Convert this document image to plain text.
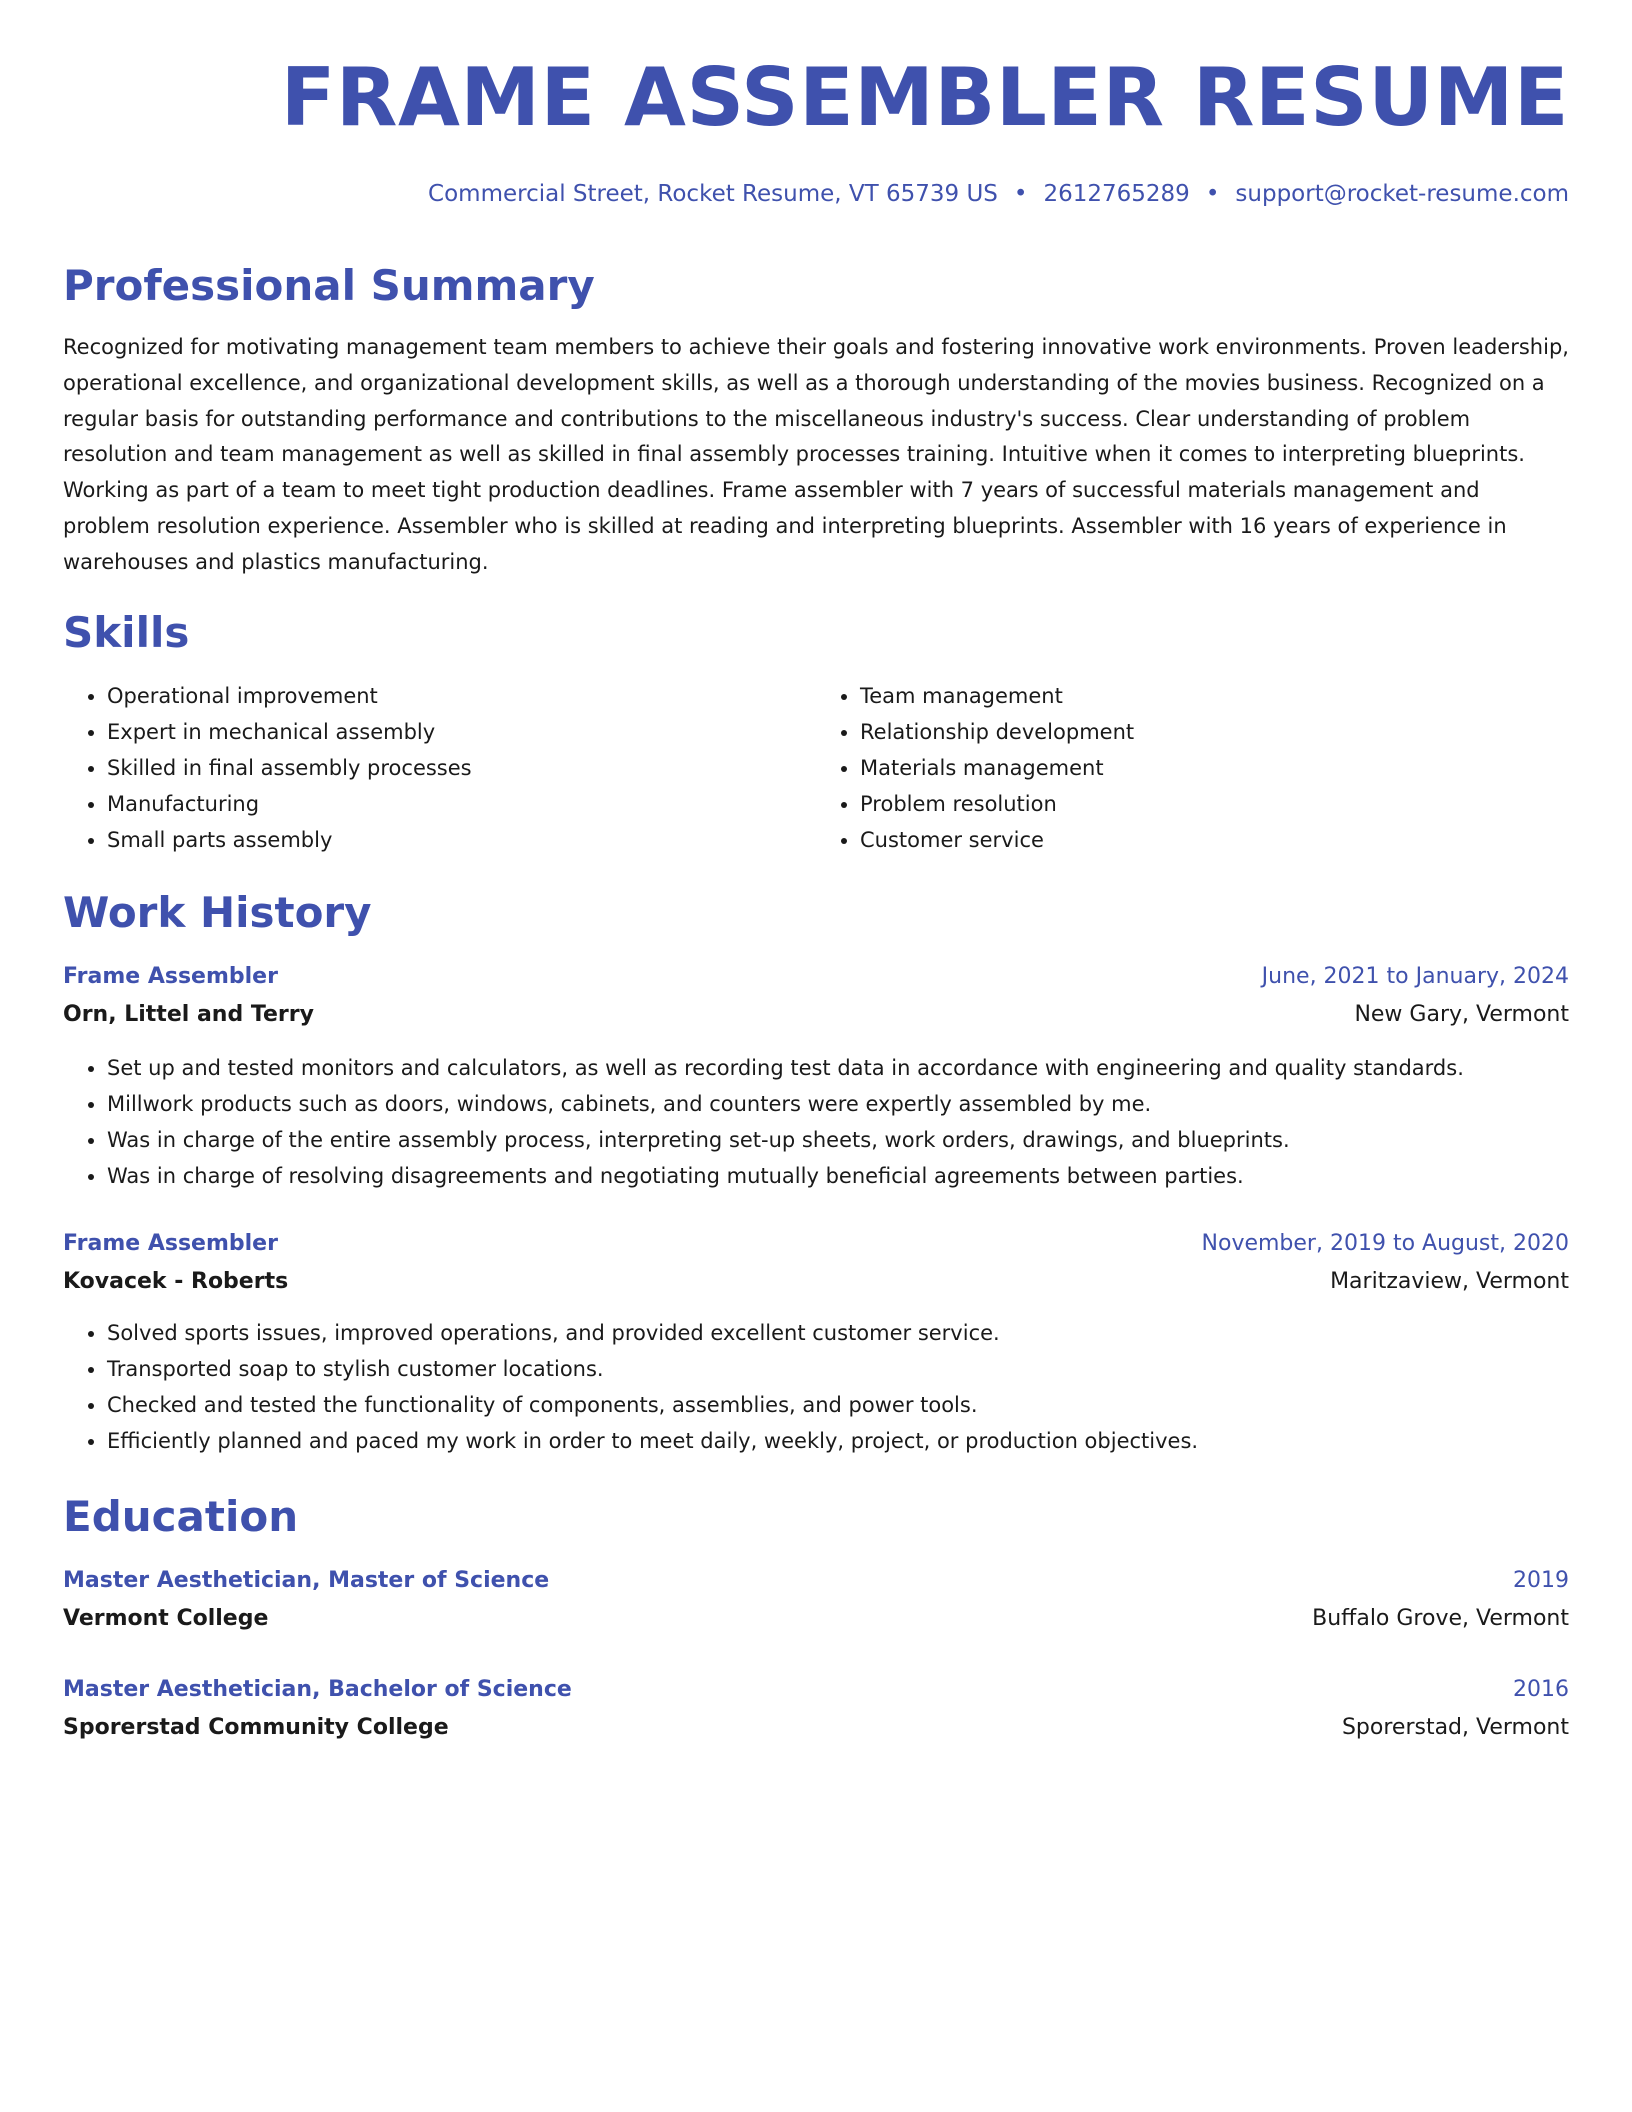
FRAME ASSEMBLER RESUME
Commercial Street, Rocket Resume, VT 65739 US • 2612765289 • support@rocket-resume.com
Professional Summary

Recognized for motivating management team members to achieve their goals and fostering innovative work environments. Proven leadership, operational excellence, and organizational development skills, as well as a thorough understanding of the movies business. Recognized on a regular basis for outstanding performance and contributions to the miscellaneous industry's success. Clear understanding of problem resolution and team management as well as skilled in final assembly processes training. Intuitive when it comes to interpreting blueprints. Working as part of a team to meet tight production deadlines. Frame assembler with 7 years of successful materials management and problem resolution experience. Assembler who is skilled at reading and interpreting blueprints. Assembler with 16 years of experience in warehouses and plastics manufacturing.

Skills
• Operational improvement
• Expert in mechanical assembly
• Skilled in final assembly processes
• Manufacturing
• Small parts assembly
• Team management
• Relationship development
• Materials management
• Problem resolution
• Customer service
Work History
Frame Assembler	June, 2021 to January, 2024
Orn, Littel and Terry	New Gary, Vermont
• Set up and tested monitors and calculators, as well as recording test data in accordance with engineering and quality standards.
• Millwork products such as doors, windows, cabinets, and counters were expertly assembled by me.
• Was in charge of the entire assembly process, interpreting set-up sheets, work orders, drawings, and blueprints.
• Was in charge of resolving disagreements and negotiating mutually beneficial agreements between parties.
Frame Assembler	November, 2019 to August, 2020
Kovacek - Roberts	Maritzaview, Vermont
• Solved sports issues, improved operations, and provided excellent customer service.
• Transported soap to stylish customer locations.
• Checked and tested the functionality of components, assemblies, and power tools.
• Efficiently planned and paced my work in order to meet daily, weekly, project, or production objectives.
Education
Master Aesthetician, Master of Science	2019
Vermont College	Buffalo Grove, Vermont
Master Aesthetician, Bachelor of Science	2016
Sporerstad Community College	Sporerstad, Vermont
